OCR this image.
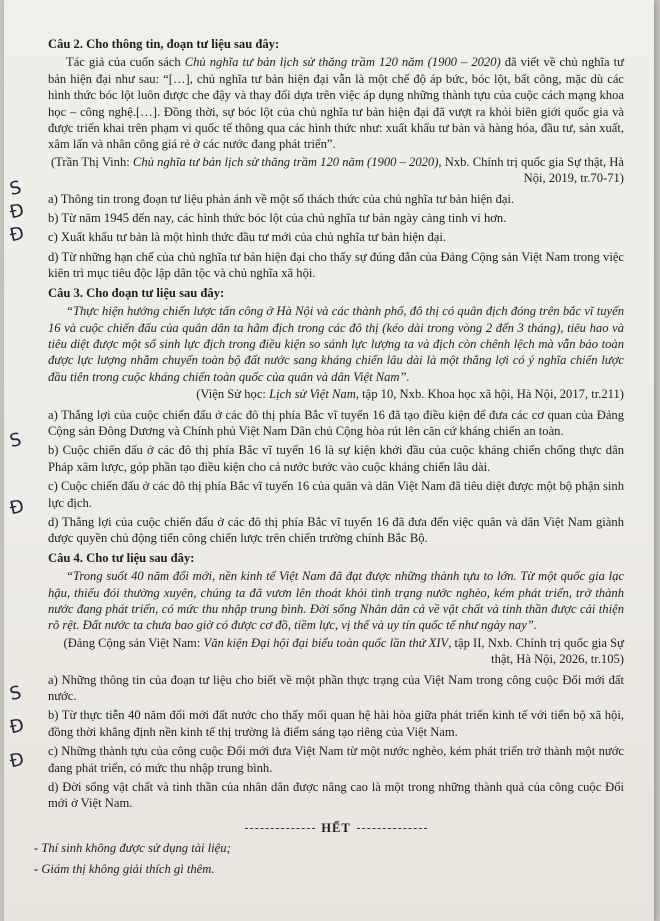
Câu 2. Cho thông tin, đoạn tư liệu sau đây:

Tác giả của cuốn sách Chủ nghĩa tư bản lịch sử thăng trầm 120 năm (1900 – 2020) đã viết về chủ nghĩa tư bản hiện đại như sau: “[…], chủ nghĩa tư bản hiện đại vẫn là một chế độ áp bức, bóc lột, bất công, mặc dù các hình thức bóc lột luôn được che đậy và thay đổi dựa trên việc áp dụng những thành tựu của cuộc cách mạng khoa học – công nghệ.[…]. Đồng thời, sự bóc lột của chủ nghĩa tư bản hiện đại đã vượt ra khỏi biên giới quốc gia và được triển khai trên phạm vi quốc tế thông qua các hình thức như: xuất khẩu tư bản và hàng hóa, đầu tư, sản xuất, xâm lấn và nhân công giá rẻ ở các nước đang phát triển”.

(Trần Thị Vinh: Chủ nghĩa tư bản lịch sử thăng trầm 120 năm (1900 – 2020), Nxb. Chính trị quốc gia Sự thật, Hà Nội, 2019, tr.70-71)

a) Thông tin trong đoạn tư liệu phản ánh về một số thách thức của chủ nghĩa tư bản hiện đại.

b) Từ năm 1945 đến nay, các hình thức bóc lột của chủ nghĩa tư bản ngày càng tinh vi hơn.

c) Xuất khẩu tư bản là một hình thức đầu tư mới của chủ nghĩa tư bản hiện đại.

d) Từ những hạn chế của chủ nghĩa tư bản hiện đại cho thấy sự đúng đắn của Đảng Cộng sản Việt Nam trong việc kiên trì mục tiêu độc lập dân tộc và chủ nghĩa xã hội.

Câu 3. Cho đoạn tư liệu sau đây:

“Thực hiện hướng chiến lược tấn công ở Hà Nội và các thành phố, đô thị có quân địch đóng trên bắc vĩ tuyến 16 và cuộc chiến đấu của quân dân ta hãm địch trong các đô thị (kéo dài trong vòng 2 đến 3 tháng), tiêu hao và tiêu diệt được một số sinh lực địch trong điều kiện so sánh lực lượng ta và địch còn chênh lệch mà vẫn bảo toàn được lực lượng nhằm chuyển toàn bộ đất nước sang kháng chiến lâu dài là một thắng lợi có ý nghĩa chiến lược đầu tiên trong cuộc kháng chiến toàn quốc của quân và dân Việt Nam”.

(Viện Sử học: Lịch sử Việt Nam, tập 10, Nxb. Khoa học xã hội, Hà Nội, 2017, tr.211)

a) Thắng lợi của cuộc chiến đấu ở các đô thị phía Bắc vĩ tuyến 16 đã tạo điều kiện để đưa các cơ quan của Đảng Cộng sản Đông Dương và Chính phủ Việt Nam Dân chủ Cộng hòa rút lên căn cứ kháng chiến an toàn.

b) Cuộc chiến đấu ở các đô thị phía Bắc vĩ tuyến 16 là sự kiện khởi đầu của cuộc kháng chiến chống thực dân Pháp xâm lược, góp phần tạo điều kiện cho cả nước bước vào cuộc kháng chiến lâu dài.

c) Cuộc chiến đấu ở các đô thị phía Bắc vĩ tuyến 16 của quân và dân Việt Nam đã tiêu diệt được một bộ phận sinh lực địch.

d) Thắng lợi của cuộc chiến đấu ở các đô thị phía Bắc vĩ tuyến 16 đã đưa đến việc quân và dân Việt Nam giành được quyền chủ động tiến công chiến lược trên chiến trường chính Bắc Bộ.

Câu 4. Cho tư liệu sau đây:

“Trong suốt 40 năm đổi mới, nền kinh tế Việt Nam đã đạt được những thành tựu to lớn. Từ một quốc gia lạc hậu, thiếu đói thường xuyên, chúng ta đã vươn lên thoát khỏi tình trạng nước nghèo, kém phát triển, trở thành nước đang phát triển, có mức thu nhập trung bình. Đời sống Nhân dân cả về vật chất và tinh thần được cải thiện rõ rệt. Đất nước ta chưa bao giờ có được cơ đồ, tiềm lực, vị thế và uy tín quốc tế như ngày nay”.

(Đảng Cộng sản Việt Nam: Văn kiện Đại hội đại biểu toàn quốc lần thứ XIV, tập II, Nxb. Chính trị quốc gia Sự thật, Hà Nội, 2026, tr.105)

a) Những thông tin của đoạn tư liệu cho biết về một phần thực trạng của Việt Nam trong công cuộc Đổi mới đất nước.

b) Từ thực tiễn 40 năm đổi mới đất nước cho thấy mối quan hệ hài hòa giữa phát triển kinh tế với tiến bộ xã hội, đồng thời khẳng định nền kinh tế thị trường là điểm sáng tạo riêng của Việt Nam.

c) Những thành tựu của công cuộc Đổi mới đưa Việt Nam từ một nước nghèo, kém phát triển trở thành một nước đang phát triển, có mức thu nhập trung bình.

d) Đời sống vật chất và tinh thần của nhân dân được nâng cao là một trong những thành quả của công cuộc Đổi mới ở Việt Nam.

HẾT

- Thí sinh không được sử dụng tài liệu;

- Giám thị không giải thích gì thêm.

S
Đ
Đ
S
Đ
S
Đ
Đ
